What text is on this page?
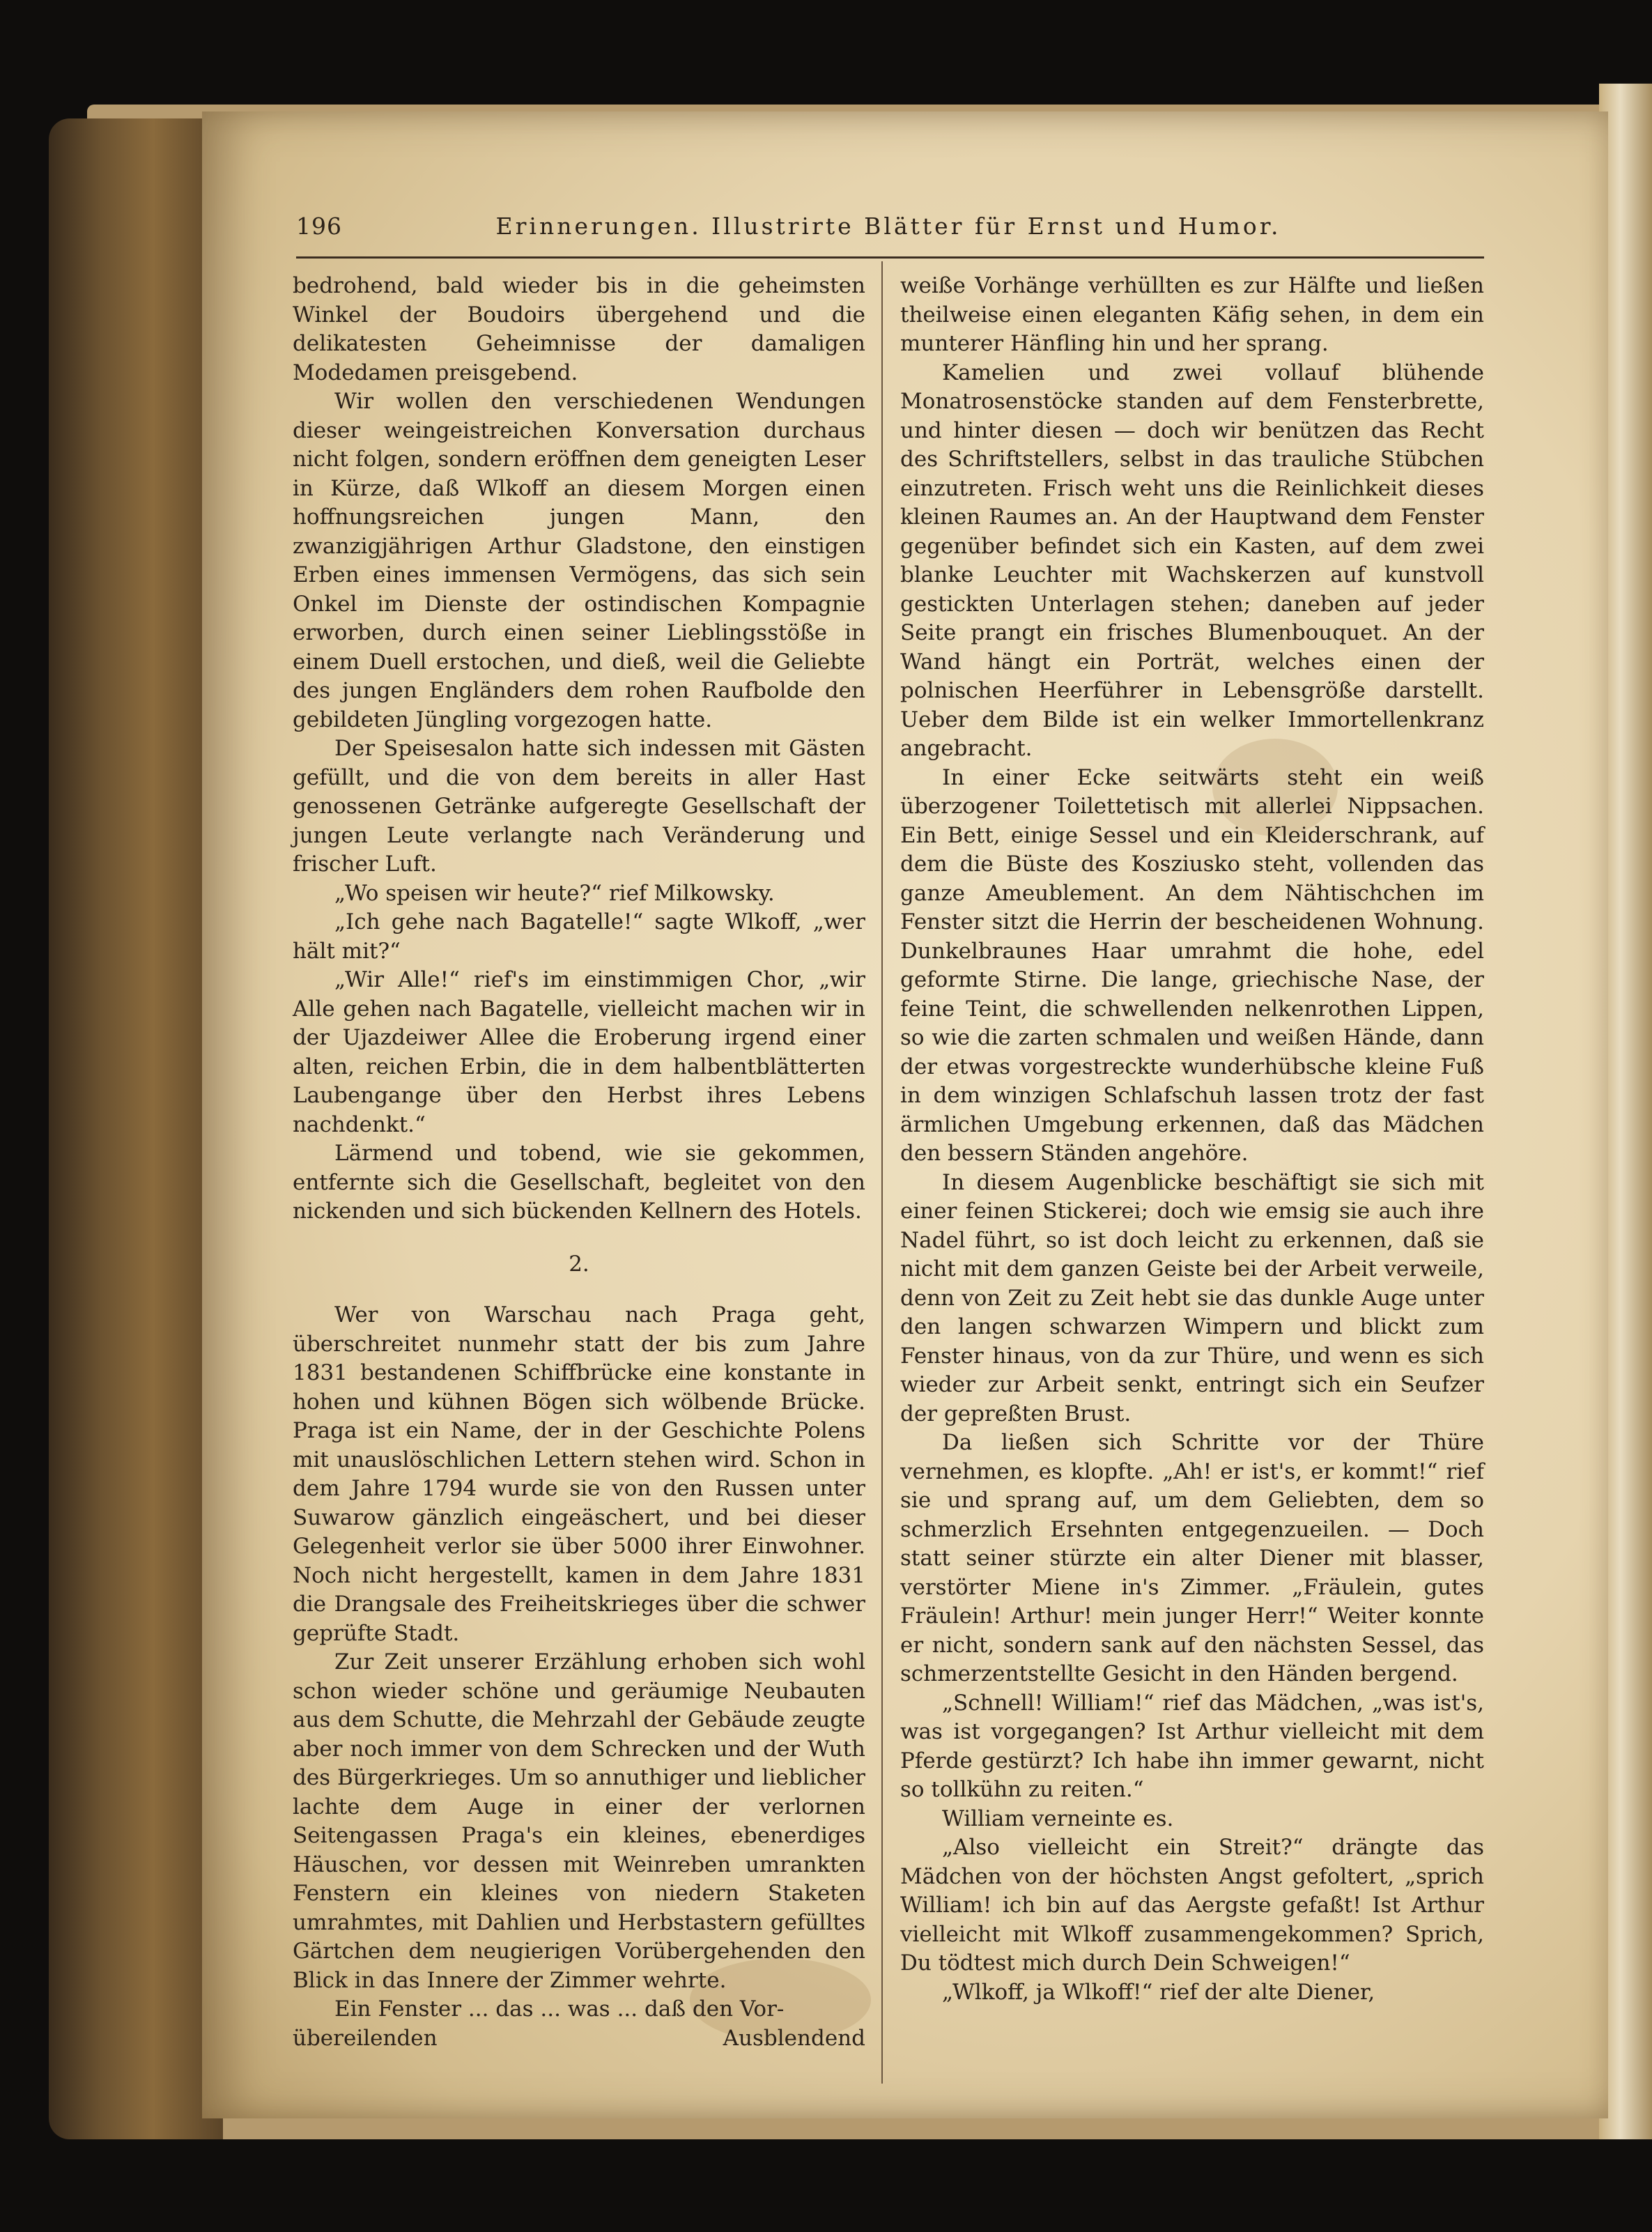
196	Erinnerungen. Illustrirte Blätter für Ernst und Humor.

bedrohend, bald wieder bis in die geheimsten Winkel der Boudoirs übergehend und die delikatesten Geheimnisse der damaligen Modedamen preisgebend.

Wir wollen den verschiedenen Wendungen dieser weingeistreichen Konversation durchaus nicht folgen, sondern eröffnen dem geneigten Leser in Kürze, daß Wlkoff an diesem Morgen einen hoffnungsreichen jungen Mann, den zwanzigjährigen Arthur Gladstone, den einstigen Erben eines immensen Vermögens, das sich sein Onkel im Dienste der ostindischen Kompagnie erworben, durch einen seiner Lieblingsstöße in einem Duell erstochen, und dieß, weil die Geliebte des jungen Engländers dem rohen Raufbolde den gebildeten Jüngling vorgezogen hatte.

Der Speisesalon hatte sich indessen mit Gästen gefüllt, und die von dem bereits in aller Hast genossenen Getränke aufgeregte Gesellschaft der jungen Leute verlangte nach Veränderung und frischer Luft.

„Wo speisen wir heute?“ rief Milkowsky.

„Ich gehe nach Bagatelle!“ sagte Wlkoff, „wer hält mit?“

„Wir Alle!“ rief's im einstimmigen Chor, „wir Alle gehen nach Bagatelle, vielleicht machen wir in der Ujazdeiwer Allee die Eroberung irgend einer alten, reichen Erbin, die in dem halbentblätterten Laubengange über den Herbst ihres Lebens nachdenkt.“

Lärmend und tobend, wie sie gekommen, entfernte sich die Gesellschaft, begleitet von den nickenden und sich bückenden Kellnern des Hotels.

2.

Wer von Warschau nach Praga geht, überschreitet nunmehr statt der bis zum Jahre 1831 bestandenen Schiffbrücke eine konstante in hohen und kühnen Bögen sich wölbende Brücke. Praga ist ein Name, der in der Geschichte Polens mit unauslöschlichen Lettern stehen wird. Schon in dem Jahre 1794 wurde sie von den Russen unter Suwarow gänzlich eingeäschert, und bei dieser Gelegenheit verlor sie über 5000 ihrer Einwohner. Noch nicht hergestellt, kamen in dem Jahre 1831 die Drangsale des Freiheitskrieges über die schwer geprüfte Stadt.

Zur Zeit unserer Erzählung erhoben sich wohl schon wieder schöne und geräumige Neubauten aus dem Schutte, die Mehrzahl der Gebäude zeugte aber noch immer von dem Schrecken und der Wuth des Bürgerkrieges. Um so annuthiger und lieblicher lachte dem Auge in einer der verlornen Seitengassen Praga's ein kleines, ebenerdiges Häuschen, vor dessen mit Weinreben umrankten Fenstern ein kleines von niedern Staketen umrahmtes, mit Dahlien und Herbstastern gefülltes Gärtchen dem neugierigen Vorübergehenden den Blick in das Innere der Zimmer wehrte.

Ein Fenster ... das ... was ... daß den Vor-

übereilenden	Ausblendend

weiße Vorhänge verhüllten es zur Hälfte und ließen theilweise einen eleganten Käfig sehen, in dem ein munterer Hänfling hin und her sprang.

Kamelien und zwei vollauf blühende Monatrosenstöcke standen auf dem Fensterbrette, und hinter diesen — doch wir benützen das Recht des Schriftstellers, selbst in das trauliche Stübchen einzutreten. Frisch weht uns die Reinlichkeit dieses kleinen Raumes an. An der Hauptwand dem Fenster gegenüber befindet sich ein Kasten, auf dem zwei blanke Leuchter mit Wachskerzen auf kunstvoll gestickten Unterlagen stehen; daneben auf jeder Seite prangt ein frisches Blumenbouquet. An der Wand hängt ein Porträt, welches einen der polnischen Heerführer in Lebensgröße darstellt. Ueber dem Bilde ist ein welker Immortellenkranz angebracht.

In einer Ecke seitwärts steht ein weiß überzogener Toilettetisch mit allerlei Nippsachen. Ein Bett, einige Sessel und ein Kleiderschrank, auf dem die Büste des Kosziusko steht, vollenden das ganze Ameublement. An dem Nähtischchen im Fenster sitzt die Herrin der bescheidenen Wohnung. Dunkelbraunes Haar umrahmt die hohe, edel geformte Stirne. Die lange, griechische Nase, der feine Teint, die schwellenden nelkenrothen Lippen, so wie die zarten schmalen und weißen Hände, dann der etwas vorgestreckte wunderhübsche kleine Fuß in dem winzigen Schlafschuh lassen trotz der fast ärmlichen Umgebung erkennen, daß das Mädchen den bessern Ständen angehöre.

In diesem Augenblicke beschäftigt sie sich mit einer feinen Stickerei; doch wie emsig sie auch ihre Nadel führt, so ist doch leicht zu erkennen, daß sie nicht mit dem ganzen Geiste bei der Arbeit verweile, denn von Zeit zu Zeit hebt sie das dunkle Auge unter den langen schwarzen Wimpern und blickt zum Fenster hinaus, von da zur Thüre, und wenn es sich wieder zur Arbeit senkt, entringt sich ein Seufzer der gepreßten Brust.

Da ließen sich Schritte vor der Thüre vernehmen, es klopfte. „Ah! er ist's, er kommt!“ rief sie und sprang auf, um dem Geliebten, dem so schmerzlich Ersehnten entgegenzueilen. — Doch statt seiner stürzte ein alter Diener mit blasser, verstörter Miene in's Zimmer. „Fräulein, gutes Fräulein! Arthur! mein junger Herr!“ Weiter konnte er nicht, sondern sank auf den nächsten Sessel, das schmerzentstellte Gesicht in den Händen bergend.

„Schnell! William!“ rief das Mädchen, „was ist's, was ist vorgegangen? Ist Arthur vielleicht mit dem Pferde gestürzt? Ich habe ihn immer gewarnt, nicht so tollkühn zu reiten.“

William verneinte es.

„Also vielleicht ein Streit?“ drängte das Mädchen von der höchsten Angst gefoltert, „sprich William! ich bin auf das Aergste gefaßt! Ist Arthur vielleicht mit Wlkoff zusammengekommen? Sprich, Du tödtest mich durch Dein Schweigen!“

„Wlkoff, ja Wlkoff!“ rief der alte Diener,
